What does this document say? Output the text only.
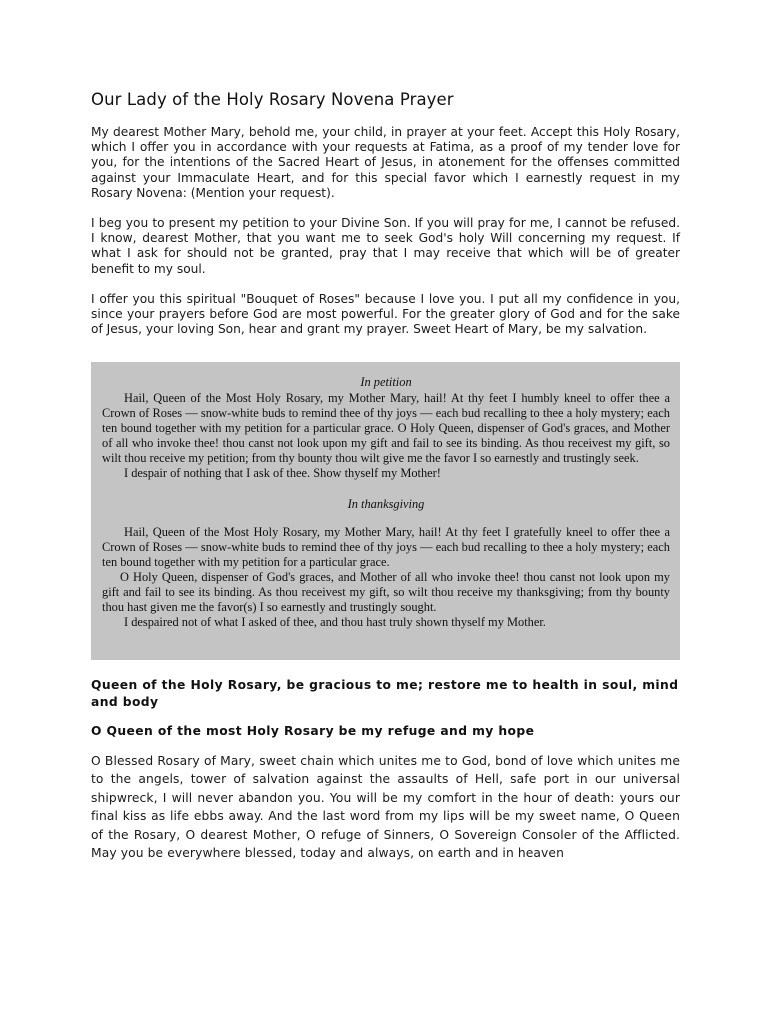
Our Lady of the Holy Rosary Novena Prayer

My dearest Mother Mary, behold me, your child, in prayer at your feet. Accept this Holy Rosary, which I offer you in accordance with your requests at Fatima, as a proof of my tender love for you, for the intentions of the Sacred Heart of Jesus, in atonement for the offenses committed against your Immaculate Heart, and for this special favor which I earnestly request in my Rosary Novena: (Mention your request).

I beg you to present my petition to your Divine Son. If you will pray for me, I cannot be refused. I know, dearest Mother, that you want me to seek God's holy Will concerning my request. If what I ask for should not be granted, pray that I may receive that which will be of greater benefit to my soul.

I offer you this spiritual "Bouquet of Roses" because I love you. I put all my confidence in you, since your prayers before God are most powerful. For the greater glory of God and for the sake of Jesus, your loving Son, hear and grant my prayer. Sweet Heart of Mary, be my salvation.

In petition

Hail, Queen of the Most Holy Rosary, my Mother Mary, hail! At thy feet I humbly kneel to offer thee a Crown of Roses — snow-white buds to remind thee of thy joys — each bud recalling to thee a holy mystery; each ten bound together with my petition for a particular grace. O Holy Queen, dispenser of God's graces, and Mother of all who invoke thee! thou canst not look upon my gift and fail to see its binding. As thou receivest my gift, so wilt thou receive my petition; from thy bounty thou wilt give me the favor I so earnestly and trustingly seek.

I despair of nothing that I ask of thee. Show thyself my Mother!

In thanksgiving

Hail, Queen of the Most Holy Rosary, my Mother Mary, hail! At thy feet I gratefully kneel to offer thee a Crown of Roses — snow-white buds to remind thee of thy joys — each bud recalling to thee a holy mystery; each ten bound together with my petition for a particular grace.

O Holy Queen, dispenser of God's graces, and Mother of all who invoke thee! thou canst not look upon my gift and fail to see its binding. As thou receivest my gift, so wilt thou receive my thanksgiving; from thy bounty thou hast given me the favor(s) I so earnestly and trustingly sought.

I despaired not of what I asked of thee, and thou hast truly shown thyself my Mother.

Queen of the Holy Rosary, be gracious to me; restore me to health in soul, mind and body
O Queen of the most Holy Rosary be my refuge and my hope

O Blessed Rosary of Mary, sweet chain which unites me to God, bond of love which unites me to the angels, tower of salvation against the assaults of Hell, safe port in our universal shipwreck, I will never abandon you. You will be my comfort in the hour of death: yours our final kiss as life ebbs away. And the last word from my lips will be my sweet name, O Queen of the Rosary, O dearest Mother, O refuge of Sinners, O Sovereign Consoler of the Afflicted. May you be everywhere blessed, today and always, on earth and in heaven
